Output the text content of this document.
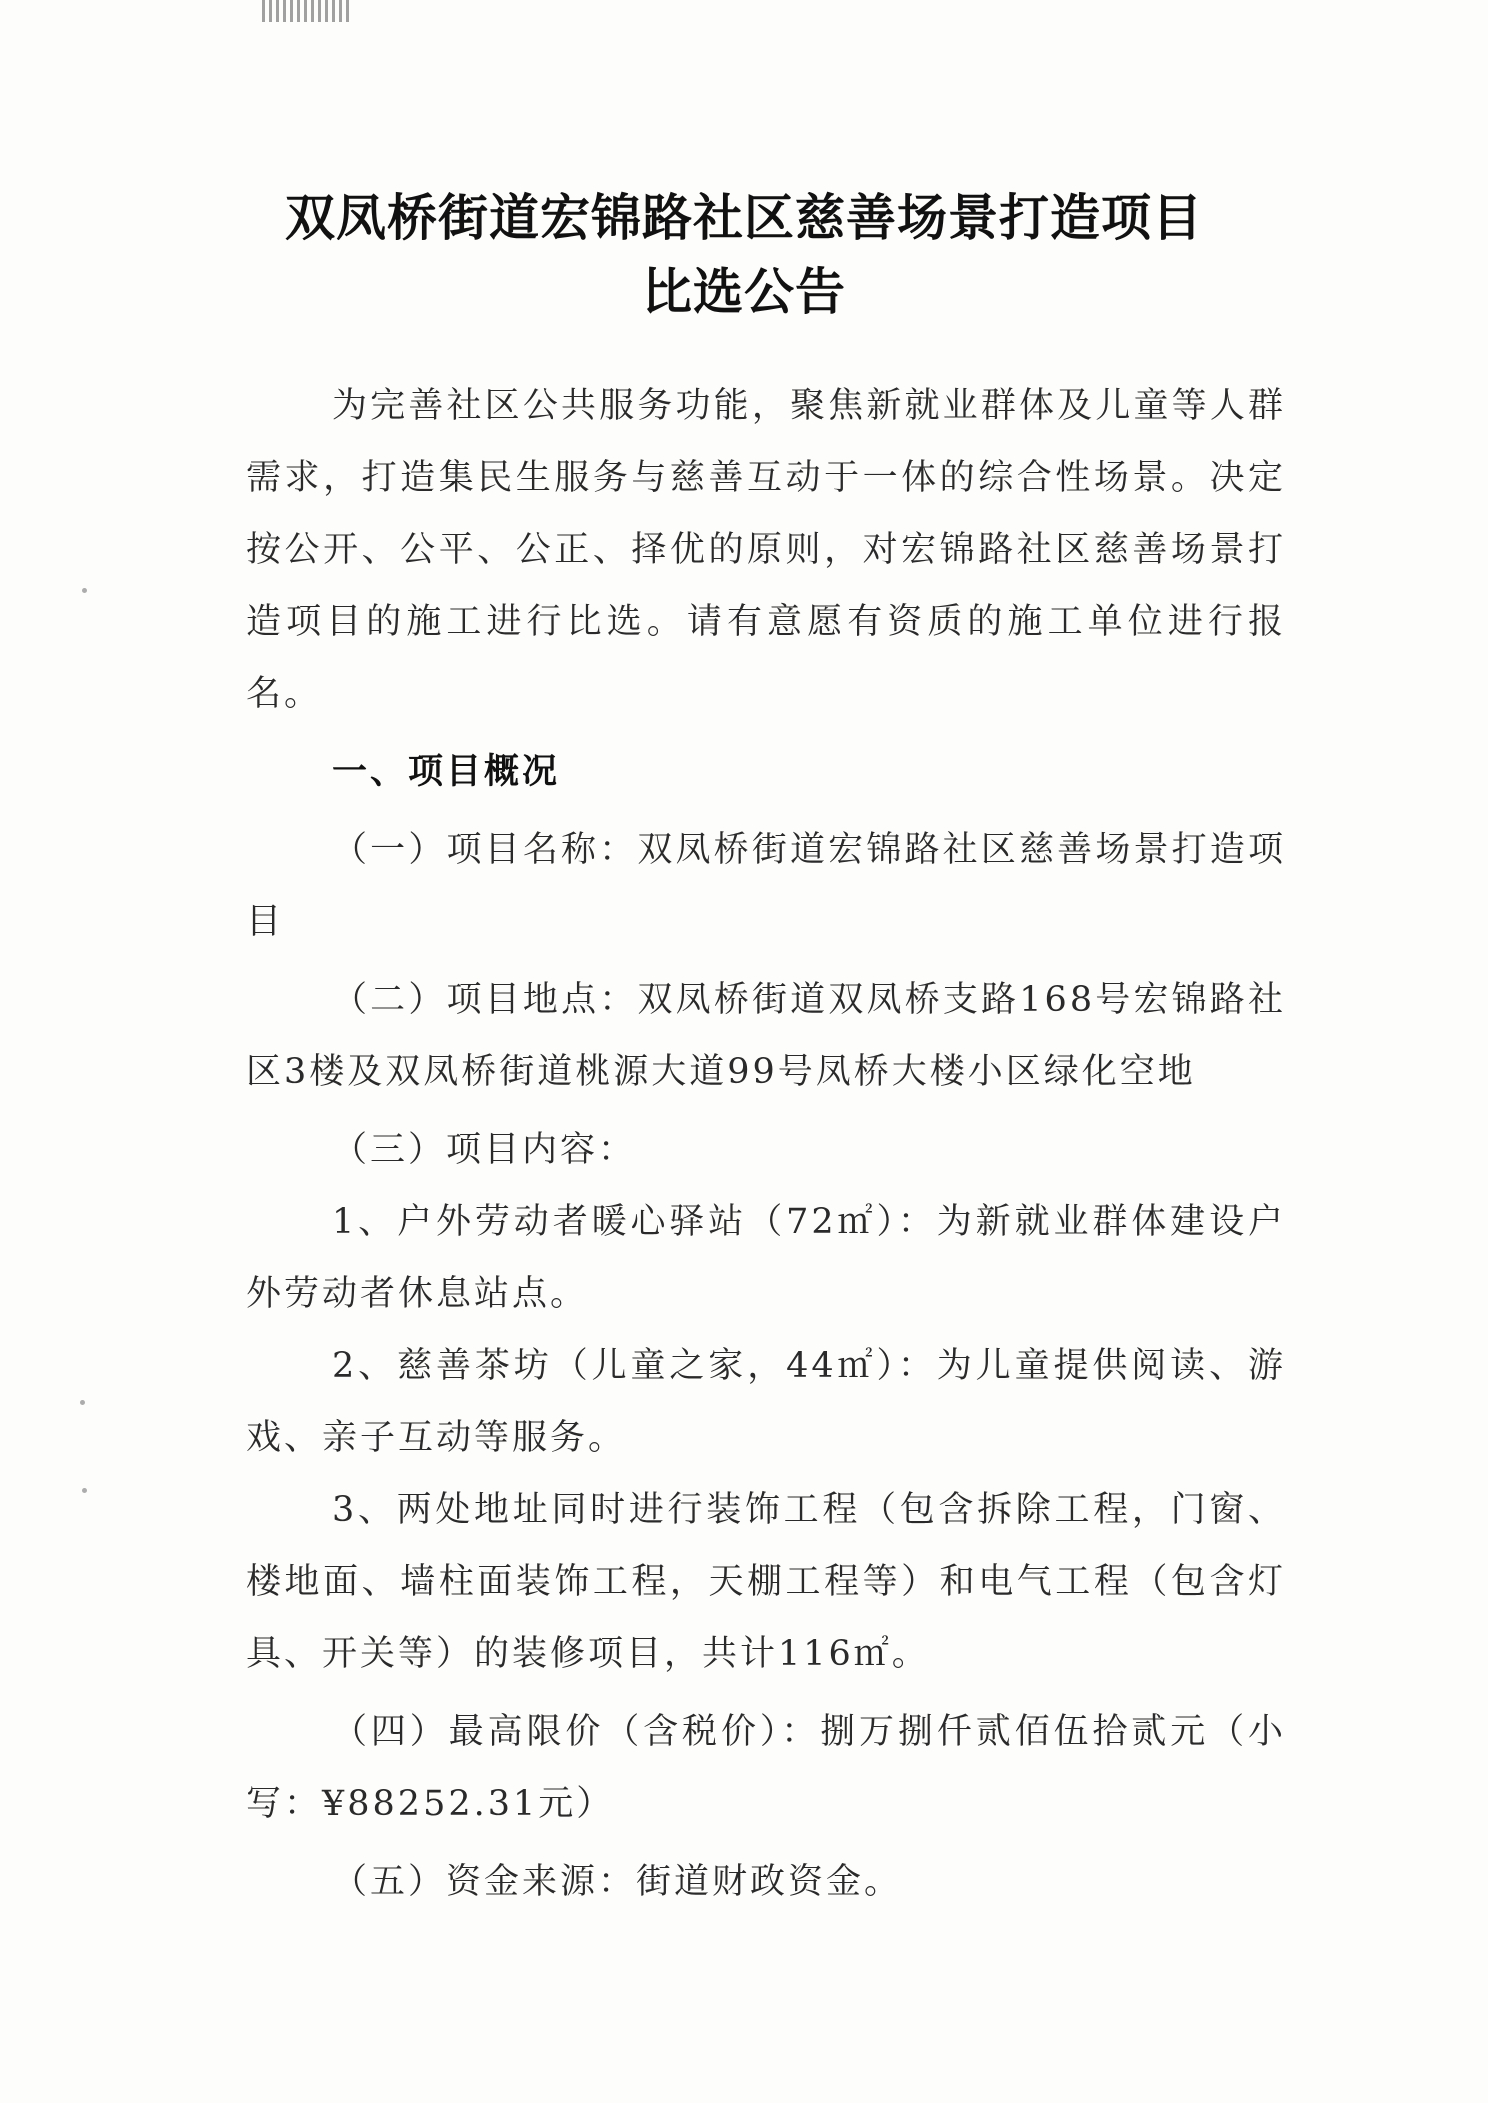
双凤桥街道宏锦路社区慈善场景打造项目
比选公告

为完善社区公共服务功能，聚焦新就业群体及儿童等人群需求，打造集民生服务与慈善互动于一体的综合性场景。决定按公开、公平、公正、择优的原则，对宏锦路社区慈善场景打造项目的施工进行比选。请有意愿有资质的施工单位进行报名。

一、项目概况

（一）项目名称：双凤桥街道宏锦路社区慈善场景打造项目

（二）项目地点：双凤桥街道双凤桥支路168号宏锦路社区3楼及双凤桥街道桃源大道99号凤桥大楼小区绿化空地

（三）项目内容：

1、户外劳动者暖心驿站（72㎡）：为新就业群体建设户外劳动者休息站点。

2、慈善茶坊（儿童之家，44㎡）：为儿童提供阅读、游戏、亲子互动等服务。

3、两处地址同时进行装饰工程（包含拆除工程，门窗、楼地面、墙柱面装饰工程，天棚工程等）和电气工程（包含灯具、开关等）的装修项目，共计116㎡。

（四）最高限价（含税价）：捌万捌仟贰佰伍拾贰元（小写：¥88252.31元）

（五）资金来源：街道财政资金。
